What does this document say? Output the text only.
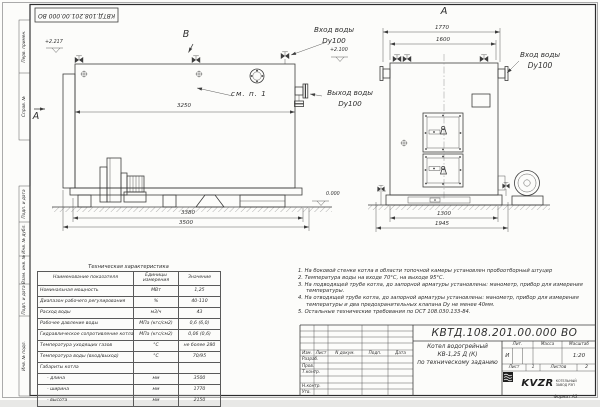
КВТД.108.201.00.000 ВО
Перв. примен.
Справ. №
Подп. и дата
Инв. № дубл.
Взам. инв. №
Подп. и дата
Инв. № подл.
В
А
+2.217
Вход воды
Dy100
+2.100
см. п. 1	Выход воды
Dy100
0.000
3250
3380
3500
А
1770
1600
1300
1945
Вход воды
Dy100
Техническая характеристика
Наименование показателя	Единицы измерения	Значение
Номинальная мощность	МВт	1,25
Диапазон рабочего регулирования	%	40-110
Расход воды	м3/ч	43
Рабочее давление воды	МПа (кгс/см2)	0,6 (6,0)
Гидравлическое сопротивление котла	МПа (кгс/см2)	0,06 (0,6)
Температура уходящих газов	°С	не более 280
Температура воды (вход/выход)	°С	70/95
Габариты котла		
- длина	мм	3500
- ширина	мм	1770
- высота	мм	2150
1. На боковой стенке котла в области топочной камеры установлен пробоотборный штуцер
2. Температура воды на входе 70°С, на выходе 95°С.
3. На подводящей трубе котла, до запорной арматуры установлены: манометр, прибор для измерения температуры.
4. На отводящей трубе котла, до запорной арматуры установлены: манометр, прибор для измерения температуры и два предохранительных клапана Dу не менее 40мм.
5. Остальные технические требования по ОСТ 108.030.133-84.
КВТД.108.201.00.000 ВО
Изм. Лист	N докум.	Подп.	Дата
Разраб.
Пров.
Т.контр.
Н.контр.
Утв.
Котел водогрейный
КВ-1,25 Д (К)
по техническому заданию
Лит.	Масса	Масштаб
И	1:20
Лист	1	Листов	2
KVZR КОТЕЛЬНЫЙ
ЗАВОД РЭП
Формат А3
